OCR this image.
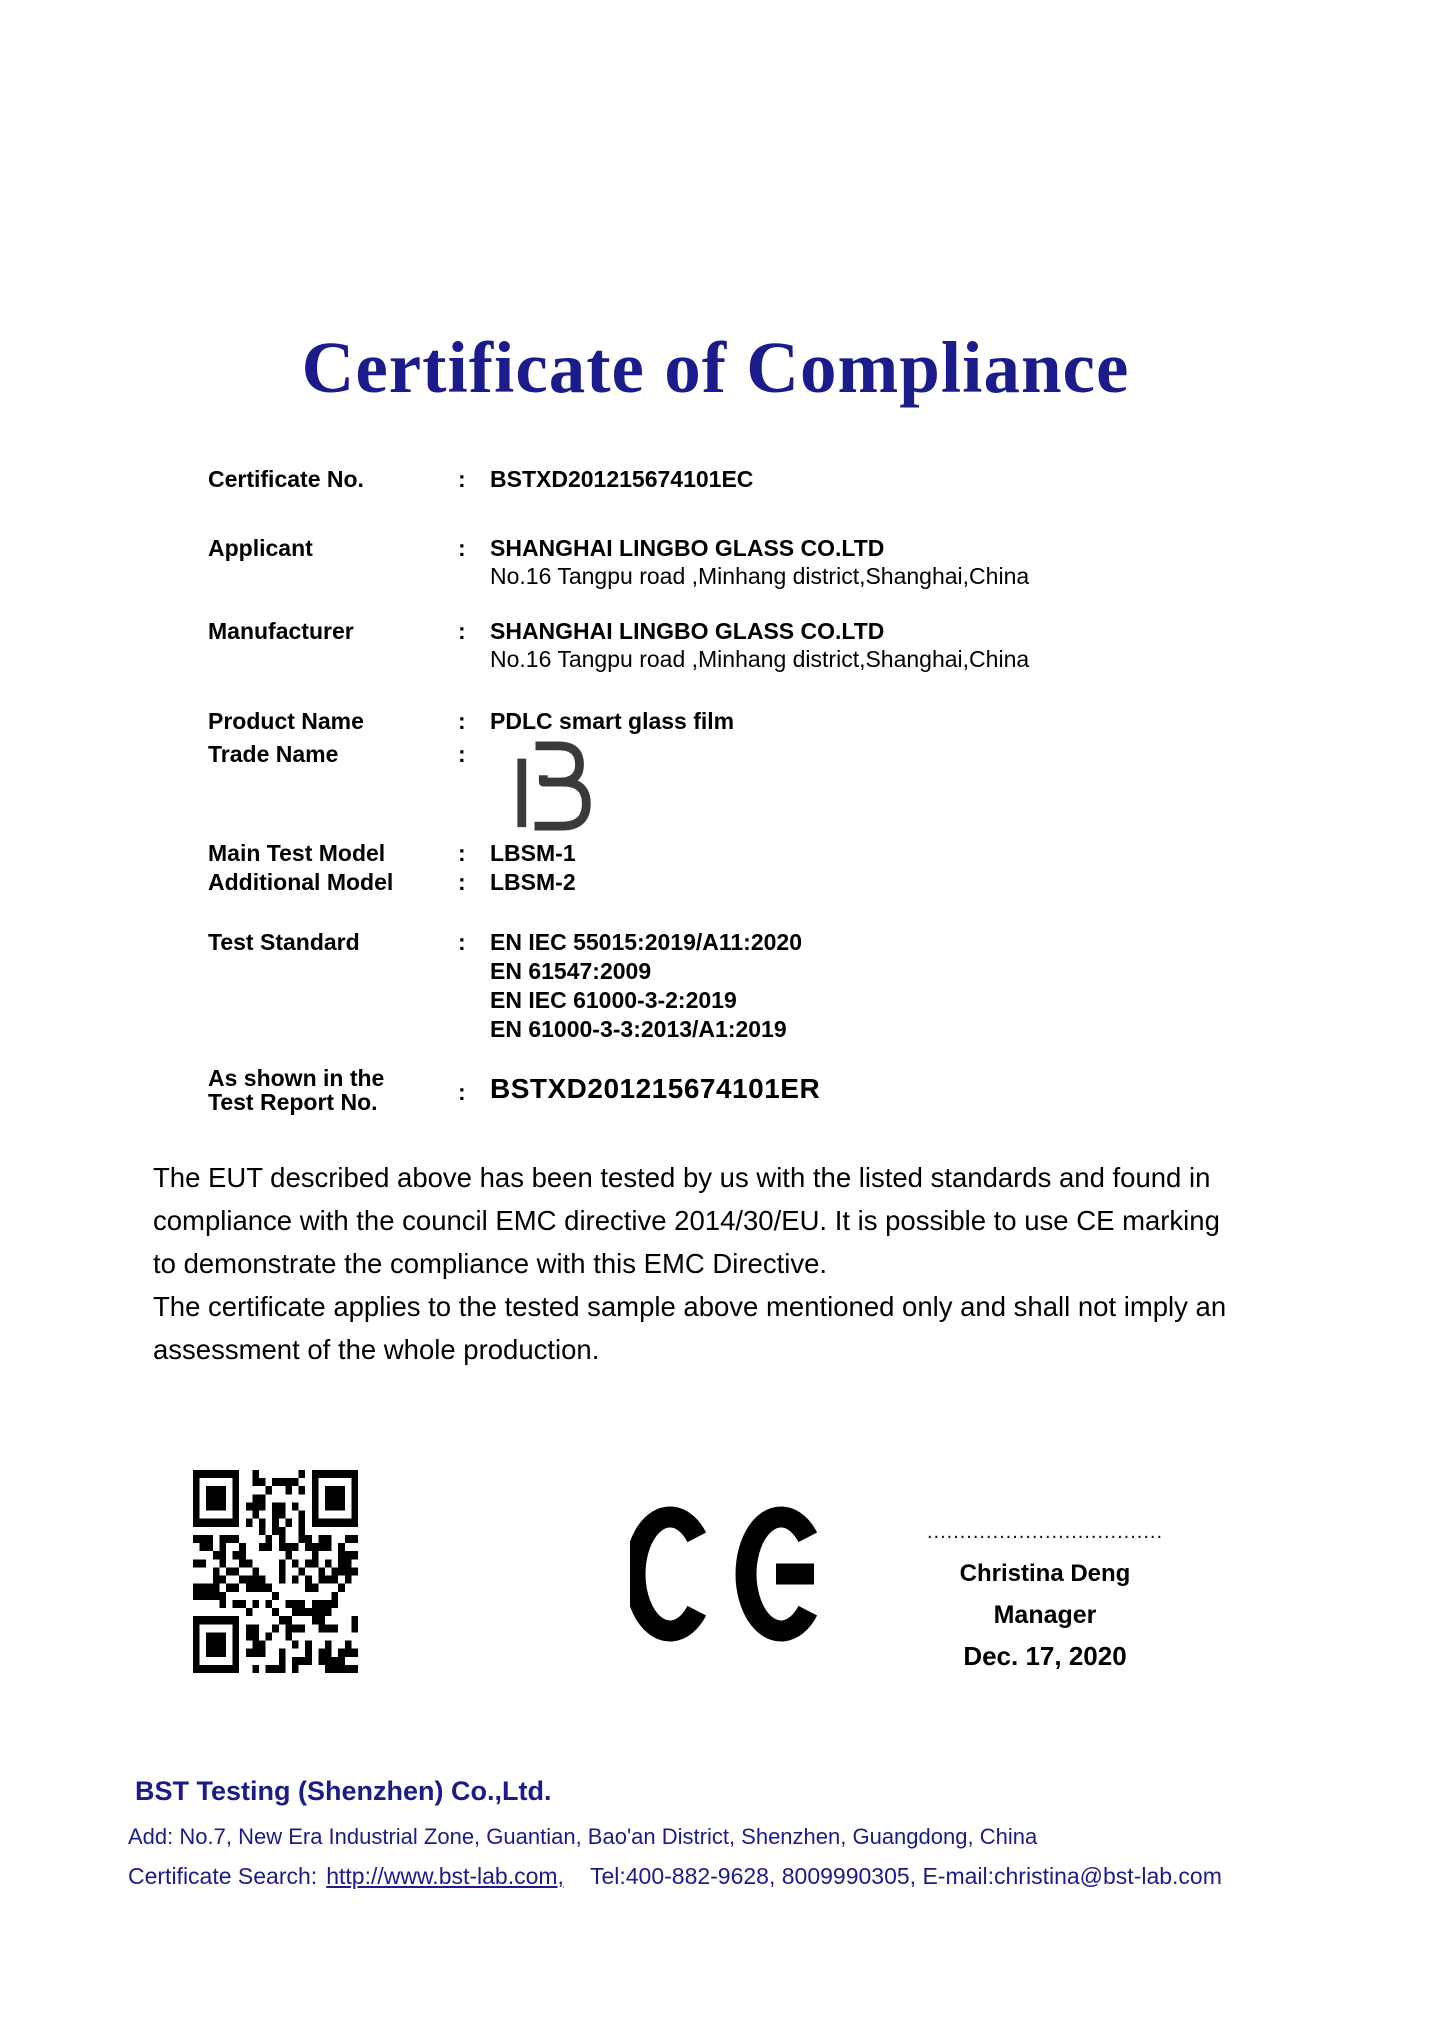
Certificate of Compliance
Certificate No.	:	BSTXD201215674101EC
Applicant	:	SHANGHAI LINGBO GLASS CO.LTD
No.16 Tangpu road ,Minhang district,Shanghai,China
Manufacturer	:	SHANGHAI LINGBO GLASS CO.LTD
No.16 Tangpu road ,Minhang district,Shanghai,China
Product Name	:	PDLC smart glass film
Trade Name	:
Main Test Model	:	LBSM-1
Additional Model	:	LBSM-2
Test Standard	:	EN IEC 55015:2019/A11:2020
EN 61547:2009
EN IEC 61000-3-2:2019
EN 61000-3-3:2013/A1:2019
As shown in the
Test Report No.	: BSTXD201215674101ER

The EUT described above has been tested by us with the listed standards and found in compliance with the council EMC directive 2014/30/EU. It is possible to use CE marking to demonstrate the compliance with this EMC Directive.

The certificate applies to the tested sample above mentioned only and shall not imply an assessment of the whole production.

....................................
Christina Deng
Manager
Dec. 17, 2020
BST Testing (Shenzhen) Co.,Ltd.
Add: No.7, New Era Industrial Zone, Guantian, Bao'an District, Shenzhen, Guangdong, China
Certificate Search: http://www.bst-lab.com, Tel:400-882-9628, 8009990305, E-mail:christina@bst-lab.com
